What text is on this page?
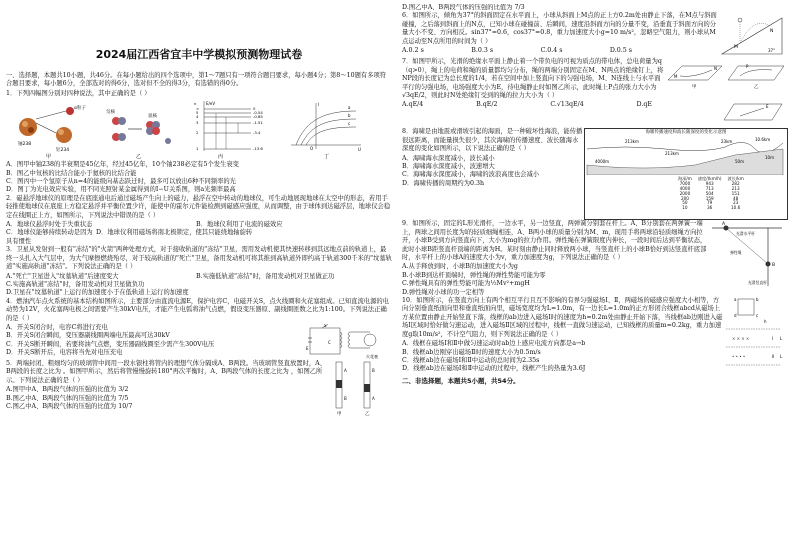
2024届江西省宜丰中学模拟预测物理试卷
一、选择题，本题共10小题，共46分。在每小题给出的四个选项中，第1～7题只有一项符合题目要求，每小题4分；第8～10题有多项符合题目要求，每小题6分，全部选对的得6分，选对但不全的得3分，有选错的得0分。
1．下列四幅图分别对四种说法，其中正确的是（ ）
α粒子
铀238
钍234
甲
氘核
氦核
乙
E/eV
0
-0.54
-0.85
-1.51
-3.4
-13.6
n
∞
5
4
3
2
1
丙
I
U
a
b
c
O
丁
A．图甲中铀238的半衰期是45亿年，经过45亿年，10个铀238必定有5个发生衰变
B．图乙中氘核的比结合能小于氦核的比结合能
C．图丙中一个氢原子从n=4的能级向基态跃迁时，最多可以放出6种不同频率的光
D．图丁为光电效应实验，用不同光照射某金属得到的I−U关系图，则a光频率最高
2．磁悬浮地球仪的原理是在底座通电后通过磁场产生向上的磁力，悬浮在空中转动的地球仪，可生动地展现地球在太空中的形态，若用手轻推使地球仪在底座上方稳定悬浮并平衡位置少许，能使中的霍尔元件能检测到磁感应强度，从而调整，由于球体到达磁浮层，地球仪会稳定在线圈正上方，如图所示，下列说法中错误的是（ ）
A．地球仪悬浮时处于失重状态	B．地球仪利用了电流的磁效应
C．地球仪能够持续转动是因为具有惯性
D．地球仪利用磁场将南北极锁定，使其只能绕地轴旋转
3．卫星从发射到一般有"冻结"的"火箭"两种处理方式，对于接收轨道的"冻结"卫星，需用发动机使其快速转移到其远地点前的轨道上，最终一头扎入大气层中，为大气摩擦燃烧殆尽，对于较高轨道的"死亡"卫星，备用发动机可将其推到高轨道外即约高于轨道300千米的"坟墓轨道"实施高轨道"冻结"。下列说法正确的是（ ）
A."死亡"卫星进入"坟墓轨道"后速度变大	B.实施低轨道"冻结"时，备用发动机对卫星做正功
C.实施高轨道"冻结"时，备用发动机对卫星做负功
D.卫星在"坟墓轨道"上运行的加速度小于在低轨道上运行的加速度
4．燃油汽车点火系统的基本结构如图所示，主要部分由直流电源E，保护电容C，电磁开关S，点火线圈和火花塞组成。已知直流电源的电动势为12V，火花塞两电极之间需要产生30kV电压，才能产生电弧将油气点燃，假设变压器原、副线圈匝数之比为1:100。下列说法正确的是（ ）
A．开关S闭合时，电容C将进行充电
B．开关S闭合瞬间，变压器副线圈两端电压最高可达30kV
C．开关S断开瞬间，若要将油气点燃，变压器副线圈至少需产生300V电压
D．开关S断开后，电容将当先对电压充电
S
E
C
火花塞
5．两端封闭、粗细均匀的玻璃管中间用一段水银柱将管内的理想气体分隔成A、B两段。当玻璃管竖直放置时，A、B两段的长度之比为 。如图甲所示，然后将管慢慢旋转180°再次平衡时，A、B两段气体的长度之比为 ，如图乙所示。下列说法正确的是（ ）
A.图甲中A、B两段气体的压强的比值为 3/2
B.图乙中A、B两段气体的压强的比值为 7/5
C.图乙中A、B两段气体的压强的比值为 10/7
A
B
B
A
甲	乙
D.图乙中A、B两段气体的压强的比值为 7/3
6．如图所示，倾角为37°的斜面固定在水平面上，小球从斜面上M点的正上方0.2m处由静止下落，在M点与斜面碰撞，之后落到斜面上的N点，已知小球在碰撞前、后瞬间，速度沿斜面方向的分量不变，沿垂直于斜面方向的分量大小不变、方向相反。sin37°=0.6，cos37°=0.8，重力加速度大小g=10 m/s²，忽略空气阻力，则小球从M点运动至N点所用的时间为（ ）
A.0.2 s	B.0.3 s	C.0.4 s	D.0.5 s	M
N
37°
7．如图甲所示，光滑的绝缘水平面上静止着一个带负电的可视为质点的带电体，总电荷量为q（q>0），绳上的电荷和绳的质量都均匀分布，绳的两端分别固定在M、N两点的绝缘钉上，将NP段的长度记为总长度的1/4，若在空间中加上竖直向下的匀强电场，M、N连线上与水平面平行的匀强电场，电场强度大小为E，待电绳静止时如图乙所示，此时绳上P点的张力大小为√3qE/2，则此时N处绝缘钉受到的绳的拉力大小为（ ）
A.qE/4	B.qE/2	C.√13qE/4	D.qE
M
N
甲
P
乙
E
8．海啸是由地震或滑坡引起的海面，是一种破坏性海浪，能传播很远距离，而能量损失很少，其次海啸的传播速度、波长随海水深度的变化如图所示，以下说法正确的是（ ）
A．海啸海水深度减小，波长减小
B．海啸海水深度减小，波速增大
C．海啸海水深度减小，海啸的波浪高度也会减小
D．海啸传播的周期约为0.3h
海啸传播速度和波长随深度的变化示意图
213km	23km	10.6km
213km
4000m	50m
10m
海深/m	速度/(km/h)	波长/km
7000	943	282
4000	713	213
2000	504	151
200	159	48
50	79	23
10	36	10.6
9．如图所示，固定的L形光滑杆，一边水平，另一边竖直，两弹簧分别套在杆上。A、B分别套在两弹簧一端上，两球之间用长度为l的轻质细绳相连，A、B两小球的质量分别为M、m，现用手将两球沿轻质细绳方向拉开，小球B受到方向竖直向下，大小为mg的拉力作用。弹性绳在弹簧限度内伸长，一段时间后达到平衡状态，此时小球B距竖直杆顶端的距离为H。某时刻由静止同时释放两小球，当竖直杆上的小球B恰好到达竖直杆底部时，水平杆上的小球A的速度大小为v，重力加速度为g，下列说法正确的是（ ）
A.从手释放到时，小球B的加速度大小为g
B.小球B到达杆顶端时，弹性绳的弹性势能可能为零
C.弹性绳具有的弹性势能可能为½Mv²+mgH
D.弹性绳对小球的功一定相等
A
B
光滑水平杆
弹性绳
光滑竖直杆
10．如图所示，在竖直方向上有两个相互平行且互不影响的有界匀强磁场Ⅰ、Ⅱ，两磁场的磁感应强度大小相等，方向分别垂直纸面向里和垂直纸面向里，磁场宽度均为L=1.0m，有一边长L=1.0m的正方形闭合线框abcd从磁场上方某位置由静止开始竖直下落，线框的ab边进入磁场Ⅰ时的速度为h=0.2m处由静止开始下落，当线框ab边刚进入磁场Ⅰ区域时恰好做匀速运动，进入磁场Ⅱ区域的过程中，线框一直做匀速运动，已知线框的质量m=0.2kg，重力加速度g取10m/s²，不计空气阻力，则下列说法正确的是（ ）
A．线框在磁场Ⅰ和Ⅱ中做匀速运动时ab边上感应电流方向都是a→b
B．线框ab边刚穿出磁场Ⅱ时的速度大小为0.5m/s
C．线框ab边在磁场Ⅰ和Ⅱ中运动的总时间为2.35s
D．线框ab边在磁场Ⅰ和Ⅱ中运动的过程中，线框产生的热量为3.6J
a	b
c
d
h
× × × ×
• • • •
Ⅰ
Ⅱ
L
L
二、非选择题，本题共5小题，共54分。
